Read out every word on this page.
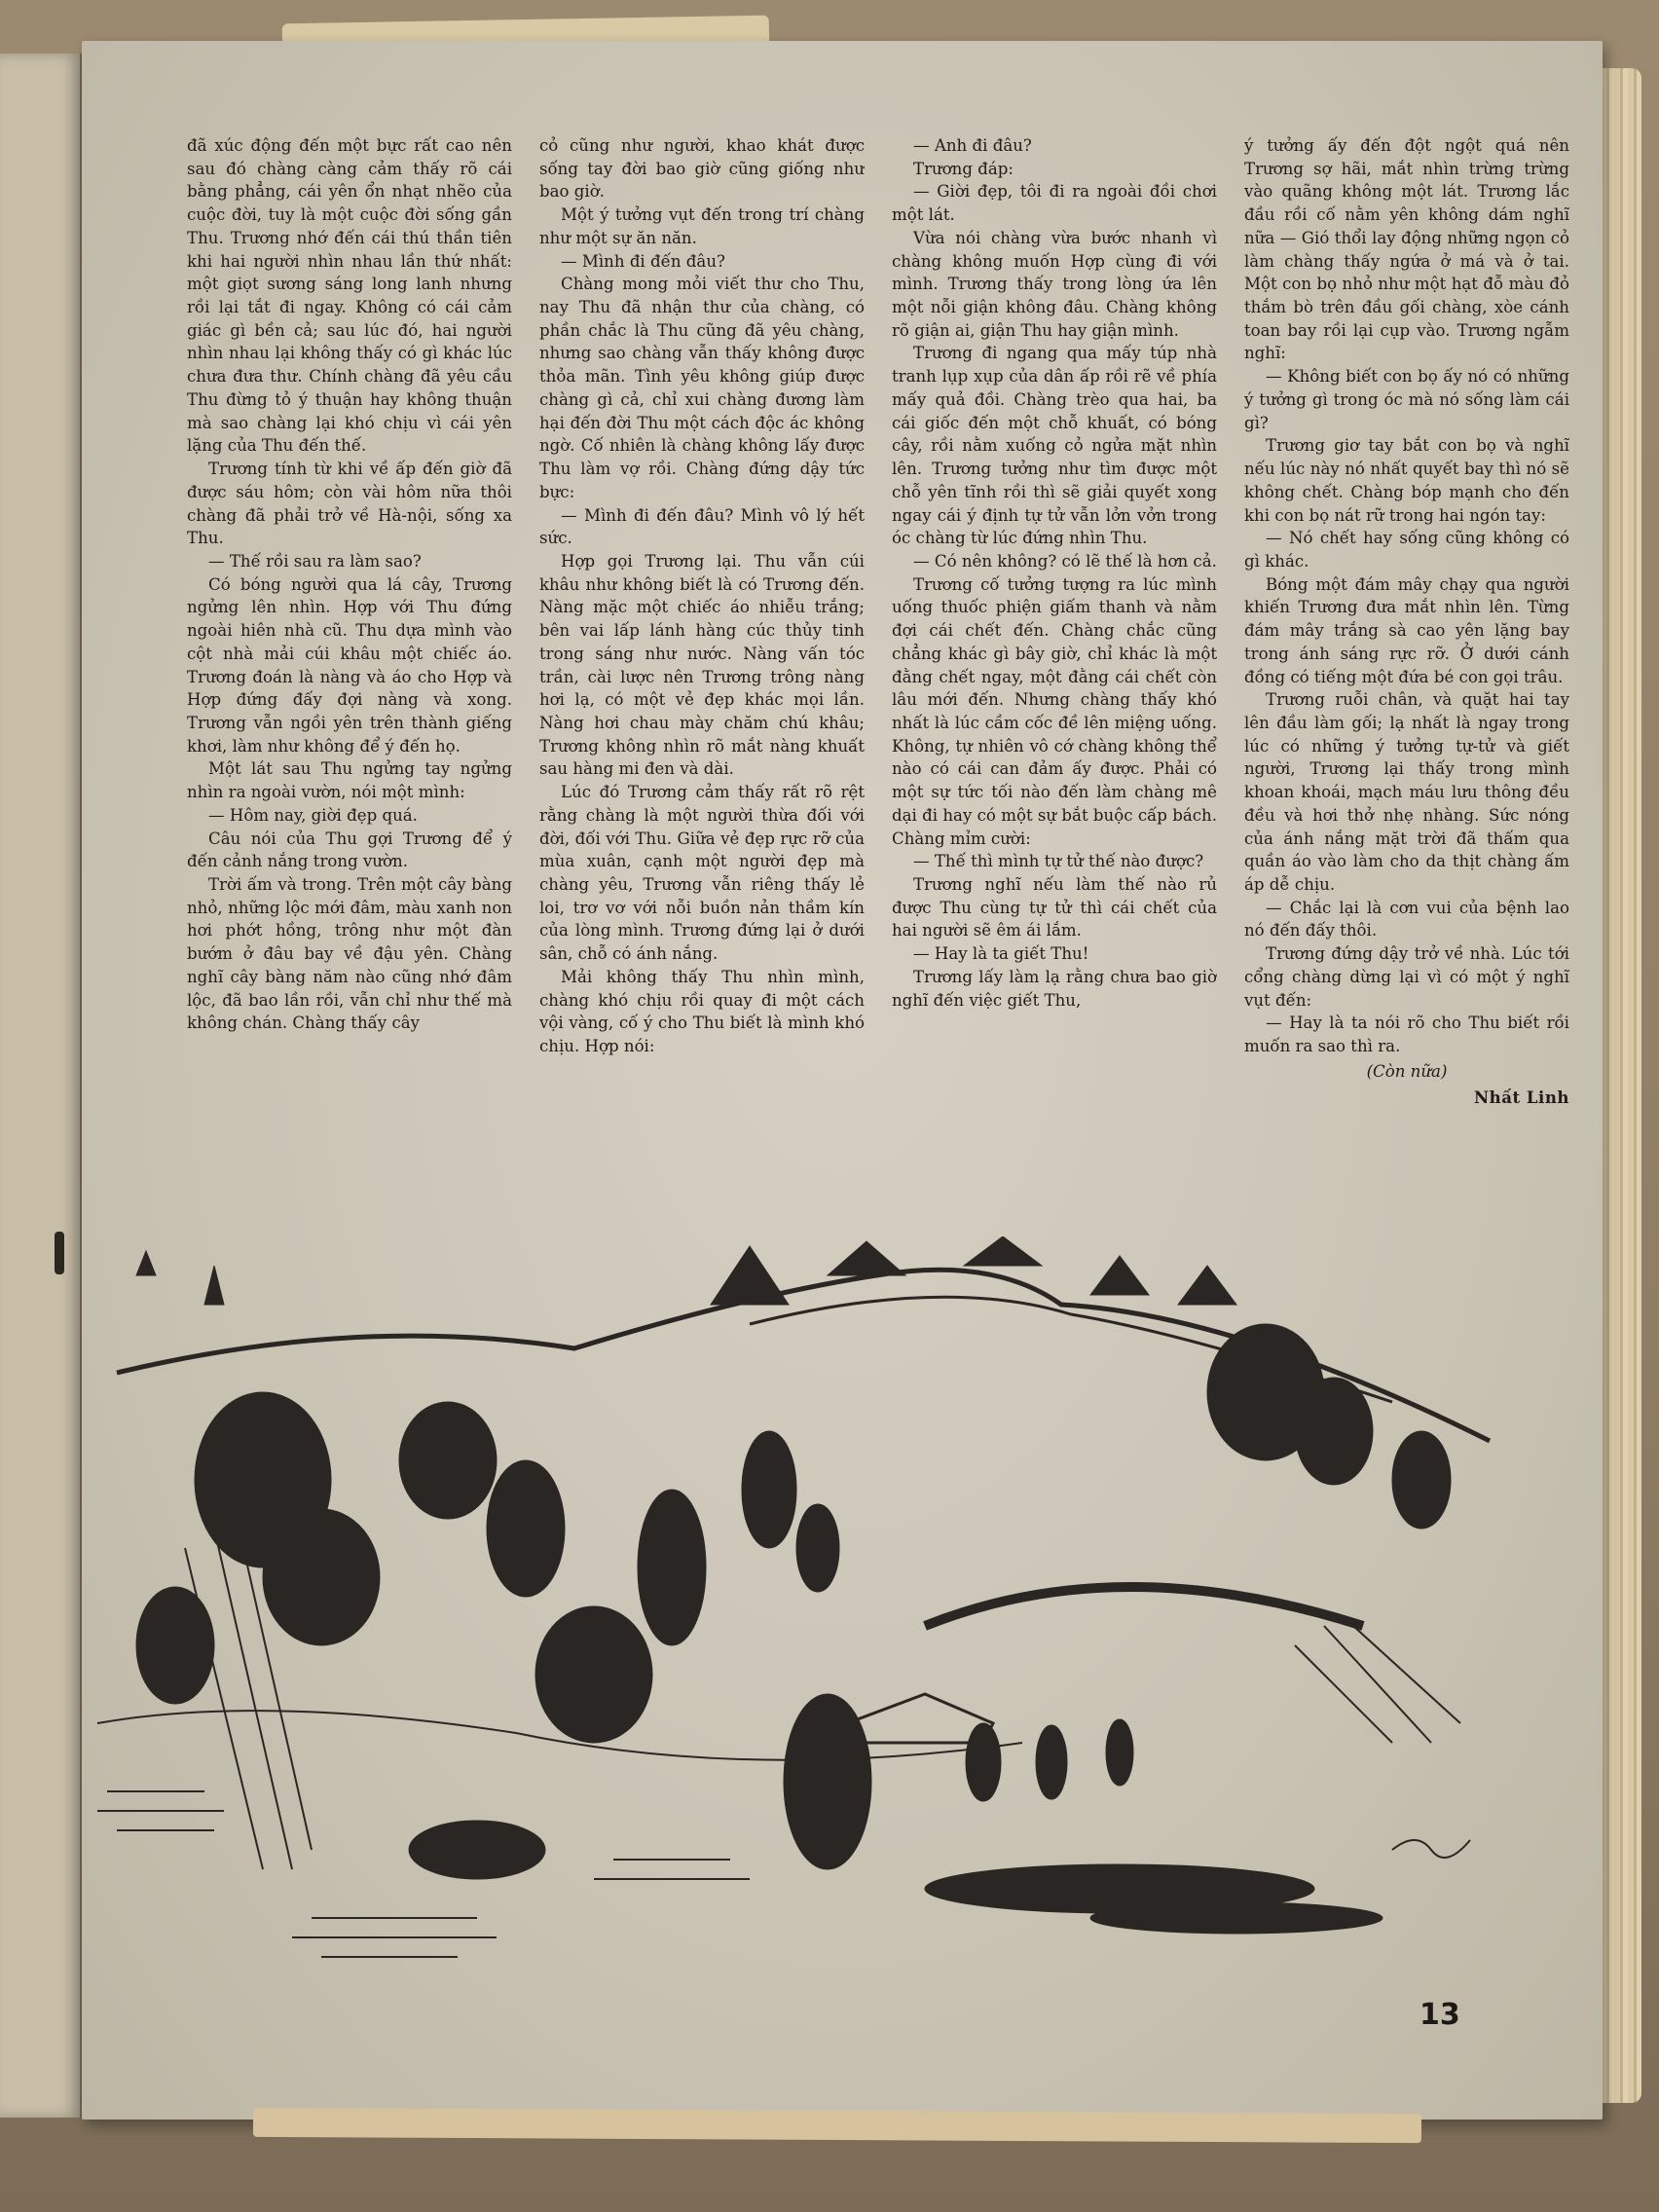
đã xúc động đến một bực rất cao nên sau đó chàng càng cảm thấy rõ cái bằng phẳng, cái yên ổn nhạt nhẽo của cuộc đời, tuy là một cuộc đời sống gần Thu. Trương nhớ đến cái thú thần tiên khi hai người nhìn nhau lần thứ nhất: một giọt sương sáng long lanh nhưng rồi lại tắt đi ngay. Không có cái cảm giác gì bền cả; sau lúc đó, hai người nhìn nhau lại không thấy có gì khác lúc chưa đưa thư. Chính chàng đã yêu cầu Thu đừng tỏ ý thuận hay không thuận mà sao chàng lại khó chịu vì cái yên lặng của Thu đến thế.

Trương tính từ khi về ấp đến giờ đã được sáu hôm; còn vài hôm nữa thôi chàng đã phải trở về Hà-nội, sống xa Thu.

— Thế rồi sau ra làm sao?

Có bóng người qua lá cây, Trương ngửng lên nhìn. Hợp với Thu đứng ngoài hiên nhà cũ. Thu dựa mình vào cột nhà mải cúi khâu một chiếc áo. Trương đoán là nàng và áo cho Hợp và Hợp đứng đấy đợi nàng và xong. Trương vẫn ngồi yên trên thành giếng khơi, làm như không để ý đến họ.

Một lát sau Thu ngửng tay ngửng nhìn ra ngoài vườn, nói một mình:

— Hôm nay, giời đẹp quá.

Câu nói của Thu gợi Trương để ý đến cảnh nắng trong vườn.

Trời ấm và trong. Trên một cây bàng nhỏ, những lộc mới đâm, màu xanh non hơi phớt hồng, trông như một đàn bướm ở đâu bay về đậu yên. Chàng nghĩ cây bàng năm nào cũng nhớ đâm lộc, đã bao lần rồi, vẫn chỉ như thế mà không chán. Chàng thấy cây

cỏ cũng như người, khao khát được sống tay đời bao giờ cũng giống như bao giờ.

Một ý tưởng vụt đến trong trí chàng như một sự ăn năn.

— Mình đi đến đâu?

Chàng mong mỏi viết thư cho Thu, nay Thu đã nhận thư của chàng, có phần chắc là Thu cũng đã yêu chàng, nhưng sao chàng vẫn thấy không được thỏa mãn. Tình yêu không giúp được chàng gì cả, chỉ xui chàng đương làm hại đến đời Thu một cách độc ác không ngờ. Cố nhiên là chàng không lấy được Thu làm vợ rồi. Chàng đứng dậy tức bực:

— Mình đi đến đâu? Mình vô lý hết sức.

Hợp gọi Trương lại. Thu vẫn cúi khâu như không biết là có Trương đến. Nàng mặc một chiếc áo nhiễu trắng; bên vai lấp lánh hàng cúc thủy tinh trong sáng như nước. Nàng vấn tóc trần, cài lược nên Trương trông nàng hơi lạ, có một vẻ đẹp khác mọi lần. Nàng hơi chau mày chăm chú khâu; Trương không nhìn rõ mắt nàng khuất sau hàng mi đen và dài.

Lúc đó Trương cảm thấy rất rõ rệt rằng chàng là một người thừa đối với đời, đối với Thu. Giữa vẻ đẹp rực rỡ của mùa xuân, cạnh một người đẹp mà chàng yêu, Trương vẫn riêng thấy lẻ loi, trơ vơ với nỗi buồn nản thầm kín của lòng mình. Trương đứng lại ở dưới sân, chỗ có ánh nắng.

Mải không thấy Thu nhìn mình, chàng khó chịu rồi quay đi một cách vội vàng, cố ý cho Thu biết là mình khó chịu. Hợp nói:

— Anh đi đâu?

Trương đáp:

— Giời đẹp, tôi đi ra ngoài đồi chơi một lát.

Vừa nói chàng vừa bước nhanh vì chàng không muốn Hợp cùng đi với mình. Trương thấy trong lòng ứa lên một nỗi giận không đâu. Chàng không rõ giận ai, giận Thu hay giận mình.

Trương đi ngang qua mấy túp nhà tranh lụp xụp của dân ấp rồi rẽ về phía mấy quả đồi. Chàng trèo qua hai, ba cái giốc đến một chỗ khuất, có bóng cây, rồi nằm xuống cỏ ngửa mặt nhìn lên. Trương tưởng như tìm được một chỗ yên tĩnh rồi thì sẽ giải quyết xong ngay cái ý định tự tử vẫn lởn vởn trong óc chàng từ lúc đứng nhìn Thu.

— Có nên không? có lẽ thế là hơn cả.

Trương cố tưởng tượng ra lúc mình uống thuốc phiện giấm thanh và nằm đợi cái chết đến. Chàng chắc cũng chẳng khác gì bây giờ, chỉ khác là một đằng chết ngay, một đằng cái chết còn lâu mới đến. Nhưng chàng thấy khó nhất là lúc cầm cốc đề lên miệng uống. Không, tự nhiên vô cớ chàng không thể nào có cái can đảm ấy được. Phải có một sự tức tối nào đến làm chàng mê dại đi hay có một sự bắt buộc cấp bách. Chàng mỉm cười:

— Thế thì mình tự tử thế nào được?

Trương nghĩ nếu làm thế nào rủ được Thu cùng tự tử thì cái chết của hai người sẽ êm ái lắm.

— Hay là ta giết Thu!

Trương lấy làm lạ rằng chưa bao giờ nghĩ đến việc giết Thu,

ý tưởng ấy đến đột ngột quá nên Trương sợ hãi, mắt nhìn trừng trừng vào quãng không một lát. Trương lắc đầu rồi cố nằm yên không dám nghĩ nữa — Gió thổi lay động những ngọn cỏ làm chàng thấy ngứa ở má và ở tai. Một con bọ nhỏ như một hạt đỗ màu đỏ thắm bò trên đầu gối chàng, xòe cánh toan bay rồi lại cụp vào. Trương ngẫm nghĩ:

— Không biết con bọ ấy nó có những ý tưởng gì trong óc mà nó sống làm cái gì?

Trương giơ tay bắt con bọ và nghĩ nếu lúc này nó nhất quyết bay thì nó sẽ không chết. Chàng bóp mạnh cho đến khi con bọ nát rữ trong hai ngón tay:

— Nó chết hay sống cũng không có gì khác.

Bóng một đám mây chạy qua người khiến Trương đưa mắt nhìn lên. Từng đám mây trắng sà cao yên lặng bay trong ánh sáng rực rỡ. Ở dưới cánh đồng có tiếng một đứa bé con gọi trâu.

Trương ruỗi chân, và quặt hai tay lên đầu làm gối; lạ nhất là ngay trong lúc có những ý tưởng tự-tử và giết người, Trương lại thấy trong mình khoan khoái, mạch máu lưu thông đều đều và hơi thở nhẹ nhàng. Sức nóng của ánh nắng mặt trời đã thấm qua quần áo vào làm cho da thịt chàng ấm áp dễ chịu.

— Chắc lại là cơn vui của bệnh lao nó đến đấy thôi.

Trương đứng dậy trở về nhà. Lúc tới cổng chàng dừng lại vì có một ý nghĩ vụt đến:

— Hay là ta nói rõ cho Thu biết rồi muốn ra sao thì ra.

(Còn nữa)

Nhất Linh

13
